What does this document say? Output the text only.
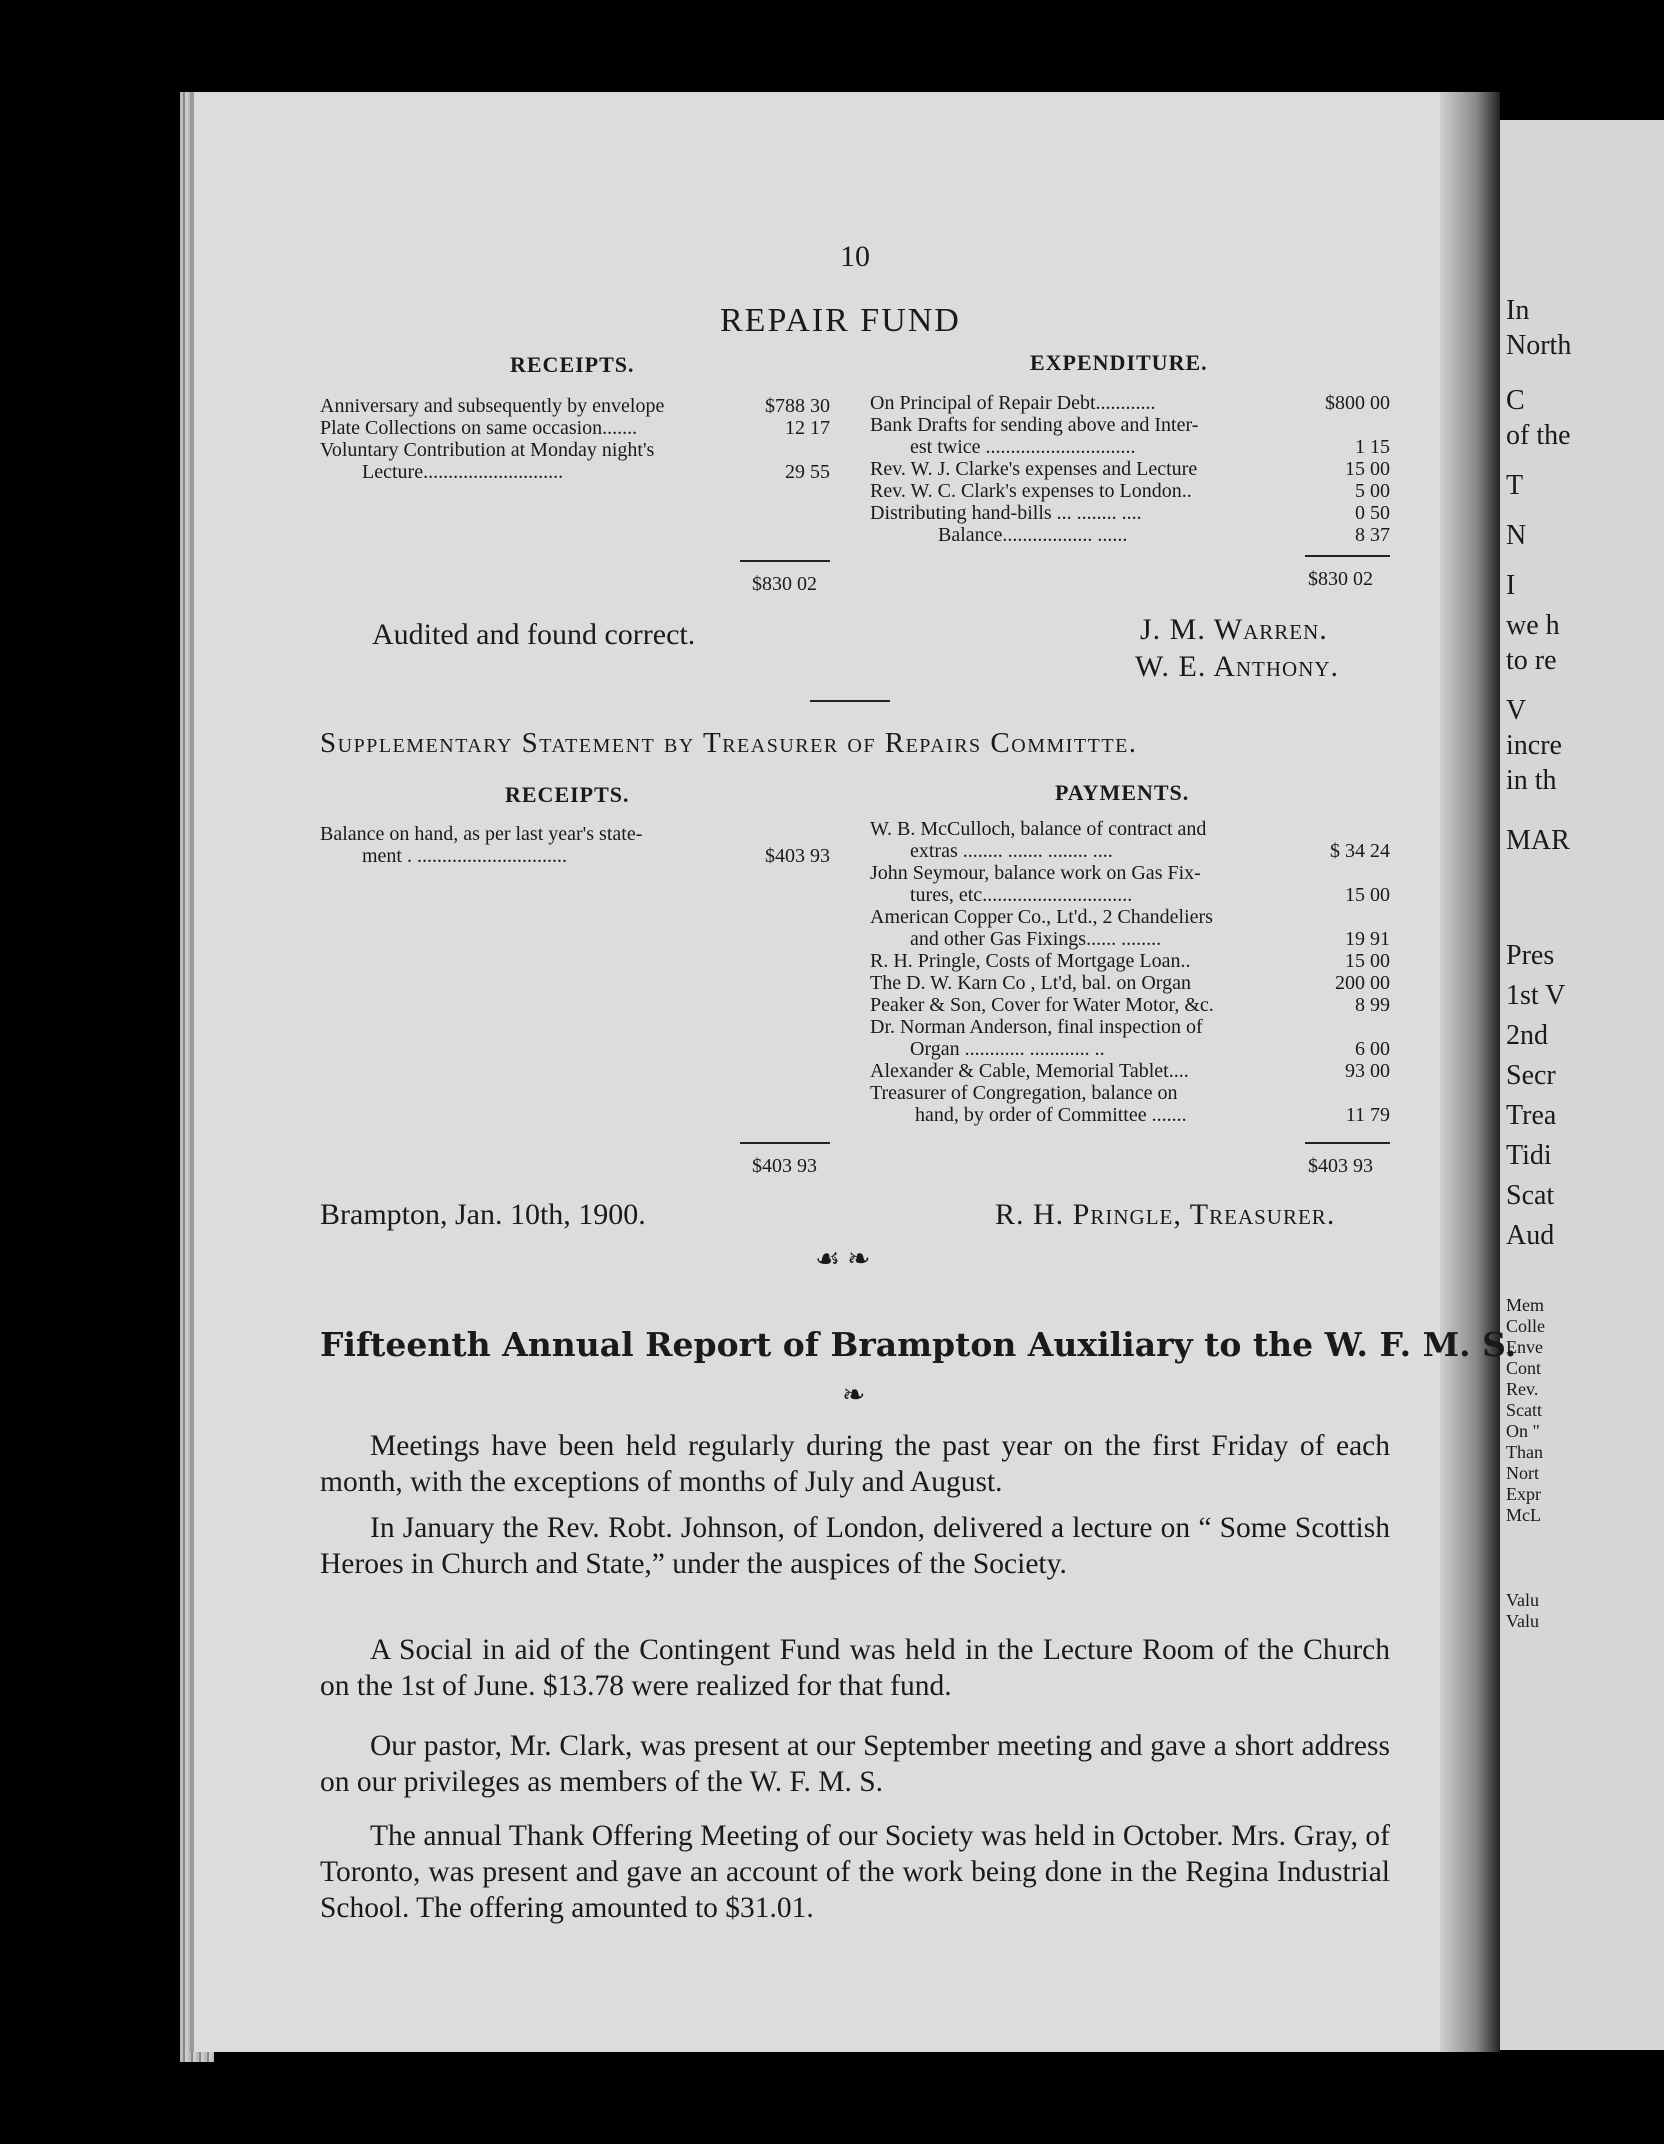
In
North
C
of the
T
N
I
we h
to re
V
incre
in th
MAR
Pres
1st V
2nd
Secr
Trea
Tidi
Scat
Aud
Mem
Colle
Enve
Cont
Rev.
Scatt
On "
Than
Nort
Expr
McL
Valu
Valu
10
REPAIR FUND
RECEIPTS.	EXPENDITURE.
Anniversary and subsequently by envelope	$788 30
Plate Collections on same occasion.......	12 17
Voluntary Contribution at Monday night's
Lecture............................	29 55
$830 02
On Principal of Repair Debt............	$800 00
Bank Drafts for sending above and Inter-
est twice ..............................	1 15
Rev. W. J. Clarke's expenses and Lecture	15 00
Rev. W. C. Clark's expenses to London..	5 00
Distributing hand-bills ... ........ ....	0 50
Balance.................. ......	8 37
$830 02
Audited and found correct.	J. M. Warren.
W. E. Anthony.
Supplementary Statement by Treasurer of Repairs Committte.
RECEIPTS.	PAYMENTS.
Balance on hand, as per last year's state-
ment . ..............................	$403 93
W. B. McCulloch, balance of contract and
extras ........ ....... ........ ....	$ 34 24
John Seymour, balance work on Gas Fix-
tures, etc..............................	15 00
American Copper Co., Lt'd., 2 Chandeliers
and other Gas Fixings...... ........	19 91
R. H. Pringle, Costs of Mortgage Loan..	15 00
The D. W. Karn Co , Lt'd, bal. on Organ	200 00
Peaker & Son, Cover for Water Motor, &c.	8 99
Dr. Norman Anderson, final inspection of
Organ ............ ............ ..	6 00
Alexander & Cable, Memorial Tablet....	93 00
Treasurer of Congregation, balance on
hand, by order of Committee .......	11 79
$403 93	$403 93
Brampton, Jan. 10th, 1900.	R. H. Pringle, Treasurer.
☙ ❧
Fifteenth Annual Report of Brampton Auxiliary to the W. F. M. S.
❧
Meetings have been held regularly during the past year on the first Friday of each month, with the exceptions of months of July and August.
In January the Rev. Robt. Johnson, of London, delivered a lecture on “ Some Scottish Heroes in Church and State,” under the auspices of the Society.
A Social in aid of the Contingent Fund was held in the Lecture Room of the Church on the 1st of June. $13.78 were realized for that fund.
Our pastor, Mr. Clark, was present at our September meeting and gave a short address on our privileges as members of the W. F. M. S.
The annual Thank Offering Meeting of our Society was held in October. Mrs. Gray, of Toronto, was present and gave an account of the work being done in the Regina Industrial School. The offering amounted to $31.01.
